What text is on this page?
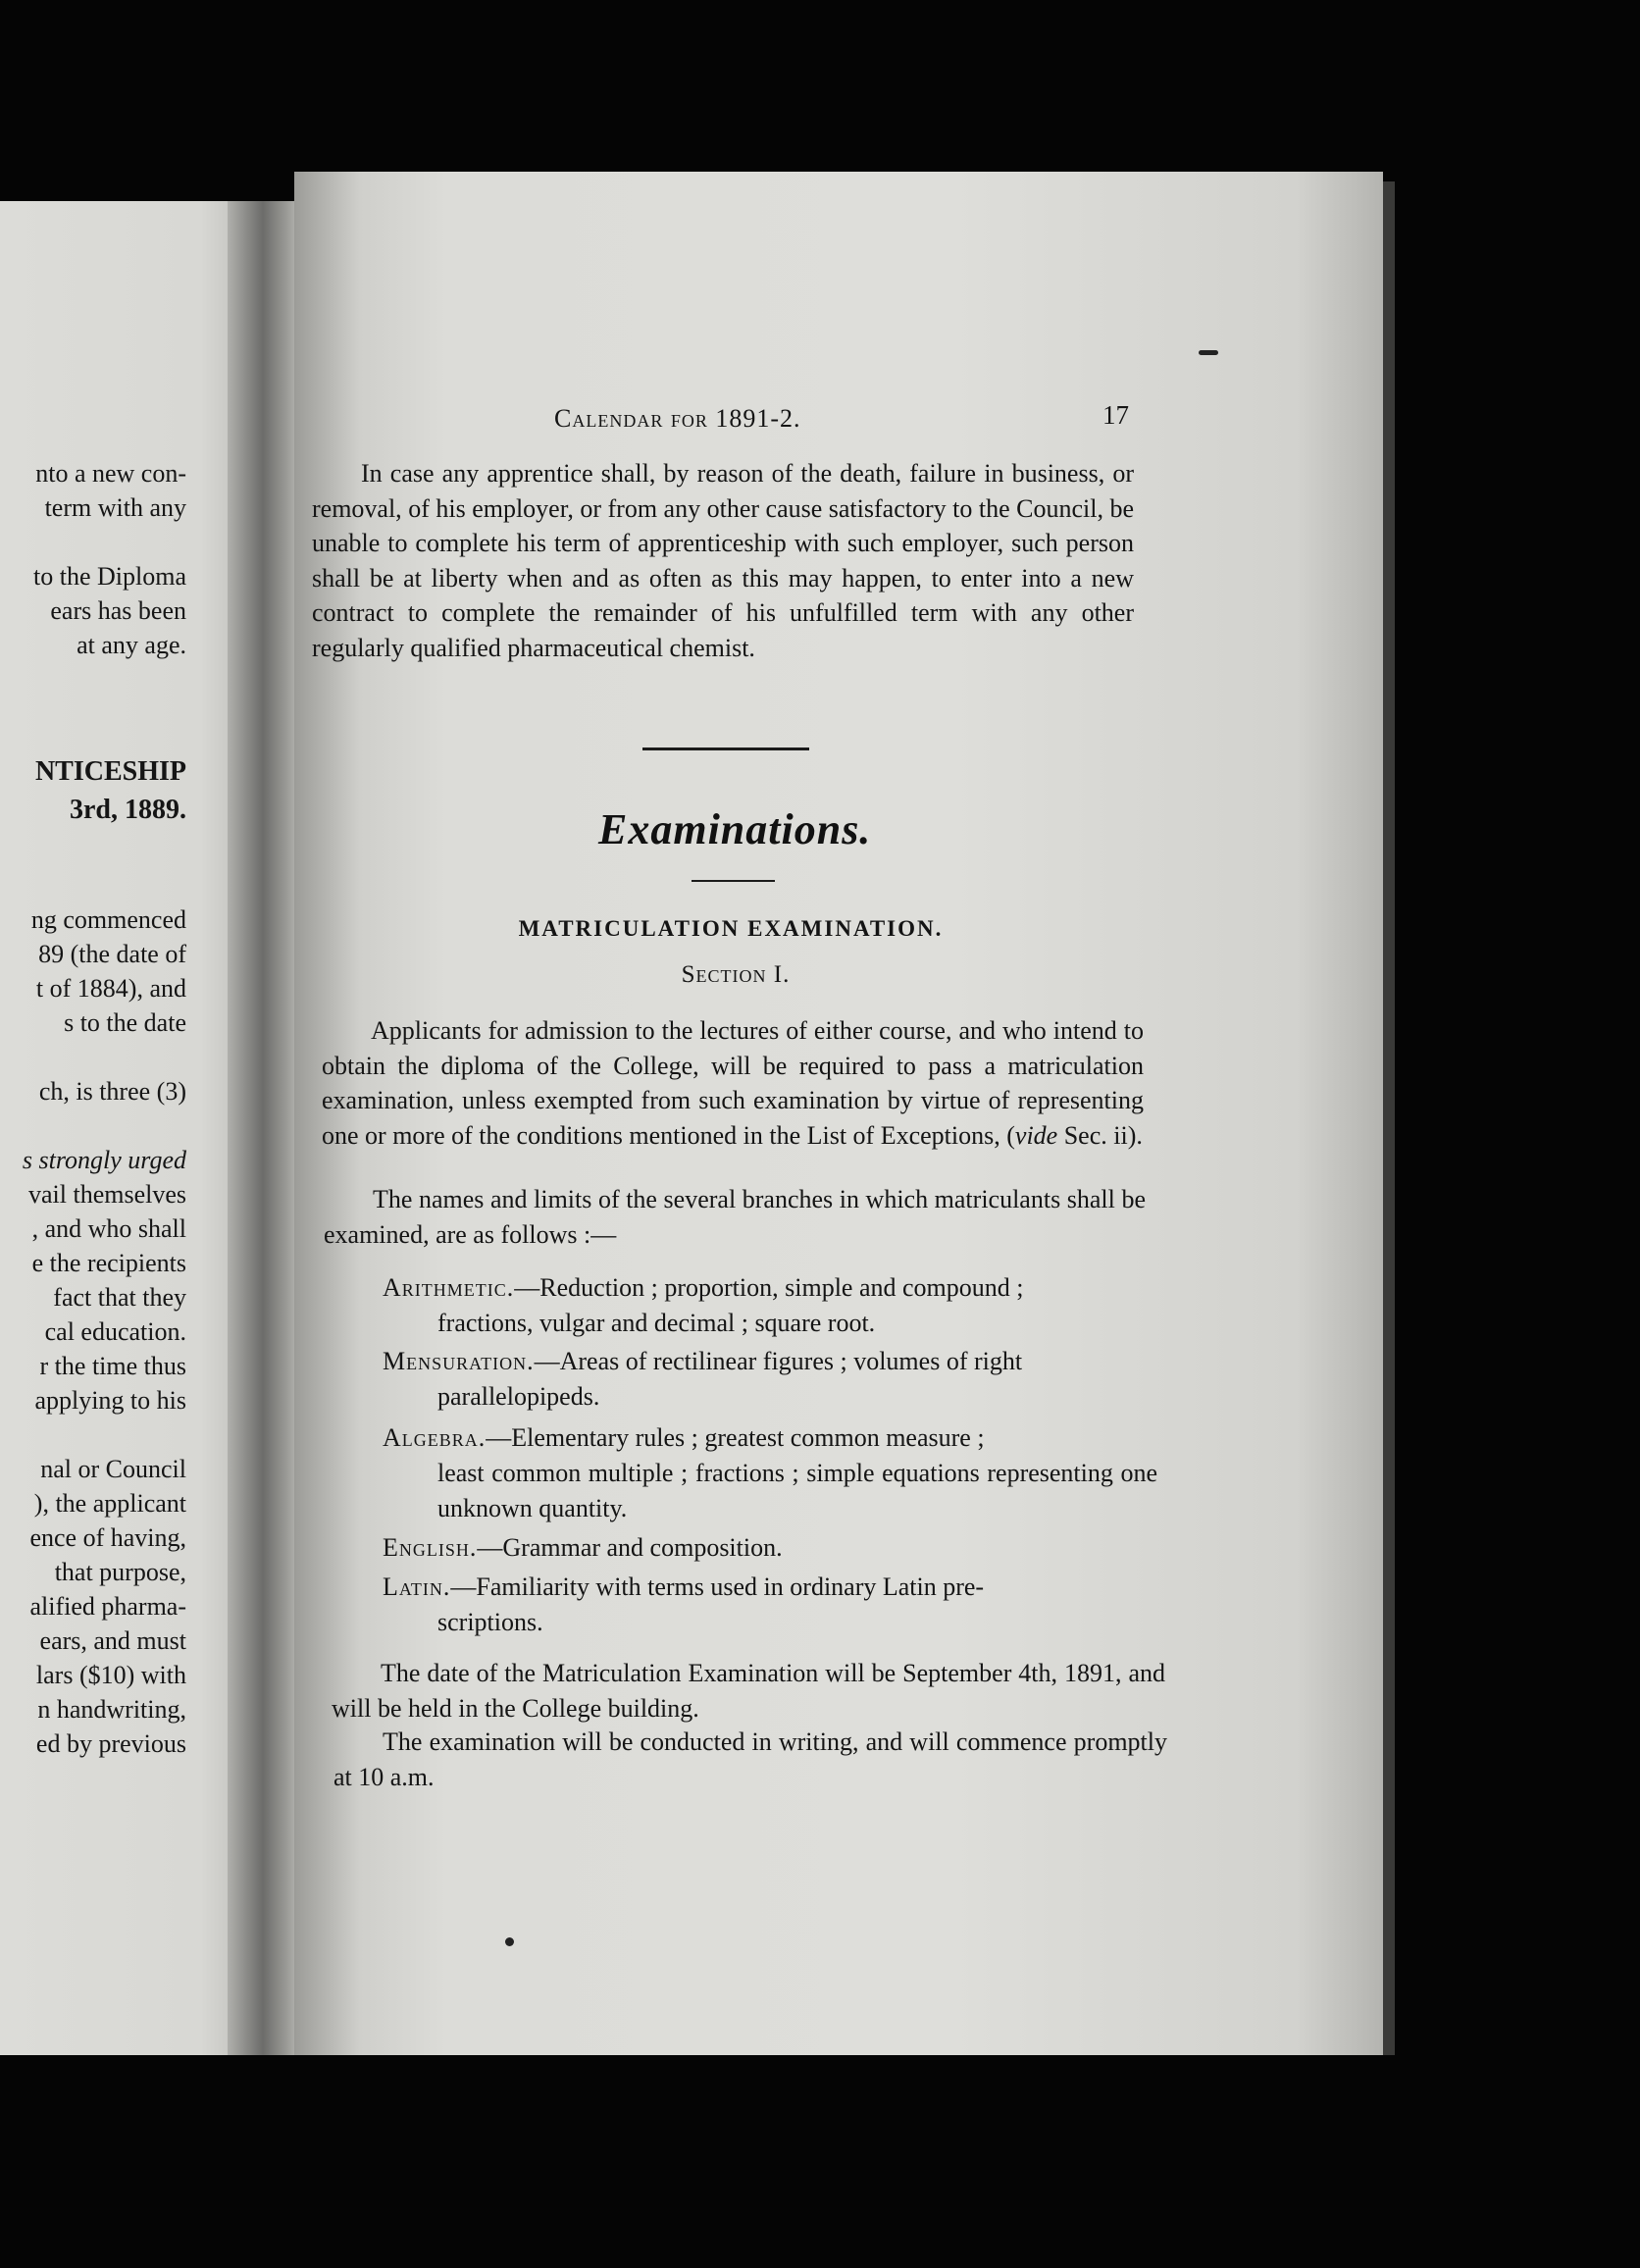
nto a new con-
term with any
to the Diploma
ears has been
at any age.
NTICESHIP
3rd, 1889.
ng commenced
89 (the date of
t of 1884), and
s to the date
ch, is three (3)
s strongly urged
vail themselves
, and who shall
e the recipients
fact that they
cal education.
r the time thus
applying to his
nal or Council
), the applicant
ence of having,
that purpose,
alified pharma-
ears, and must
lars ($10) with
n handwriting,
ed by previous
Calendar for 1891-2.	17
In case any apprentice shall, by reason of the death, failure in business, or removal, of his employer, or from any other cause satisfactory to the Council, be unable to complete his term of apprenticeship with such employer, such person shall be at liberty when and as often as this may happen, to enter into a new contract to complete the remainder of his unfulfilled term with any other regularly qualified pharmaceutical chemist.
Examinations.
MATRICULATION EXAMINATION.
Section I.
Applicants for admission to the lectures of either course, and who intend to obtain the diploma of the College, will be required to pass a matriculation examination, unless exempted from such examination by virtue of representing one or more of the conditions mentioned in the List of Exceptions, (vide Sec. ii).
The names and limits of the several branches in which matriculants shall be examined, are as follows :—
Arithmetic.—Reduction ; proportion, simple and compound ;
fractions, vulgar and decimal ; square root.
Mensuration.—Areas of rectilinear figures ; volumes of right
parallelopipeds.
Algebra.—Elementary rules ; greatest common measure ;
least common multiple ; fractions ; simple equations representing one unknown quantity.
English.—Grammar and composition.
Latin.—Familiarity with terms used in ordinary Latin pre-
scriptions.
The date of the Matriculation Examination will be September 4th, 1891, and will be held in the College building.
The examination will be conducted in writing, and will commence promptly at 10 a.m.
